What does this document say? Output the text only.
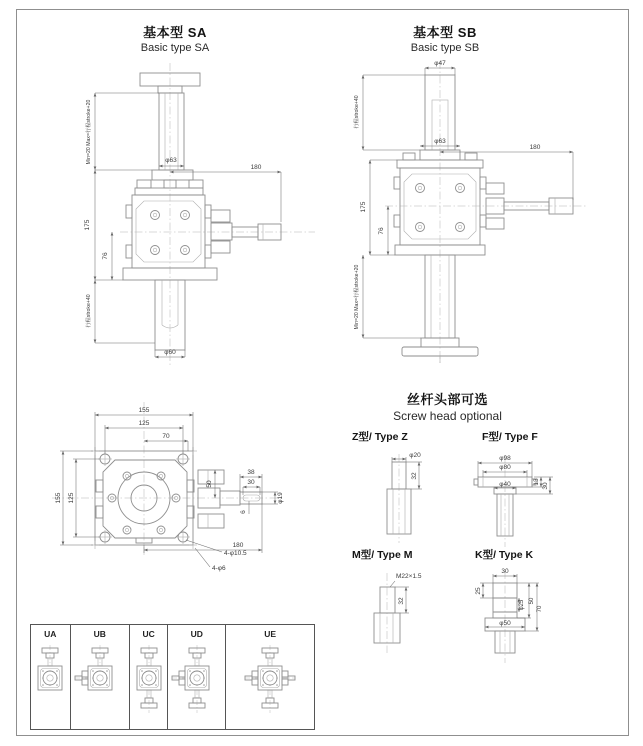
基本型 SA
Basic type SA
基本型 SB
Basic type SB
φ63
180
Min=20 Max=行程stroke+20
175
76
行程stroke+40
φ60
φ47
φ63
180
行程stroke+40
175
76
Min=20 Max=行程stroke+20
155
125
70
155 125
50
38
30
φ19
6
180
4-φ10.5
4-φ6
丝杆头部可选
Screw head optional
Z型/ Type Z	F型/ Type F
M型/ Type M	K型/ Type K
φ20
32
φ98
φ80
φ40	13
30
M22×1.5
32
30
25
φ25 50
70
φ50
UA	UB	UC	UD	UE
